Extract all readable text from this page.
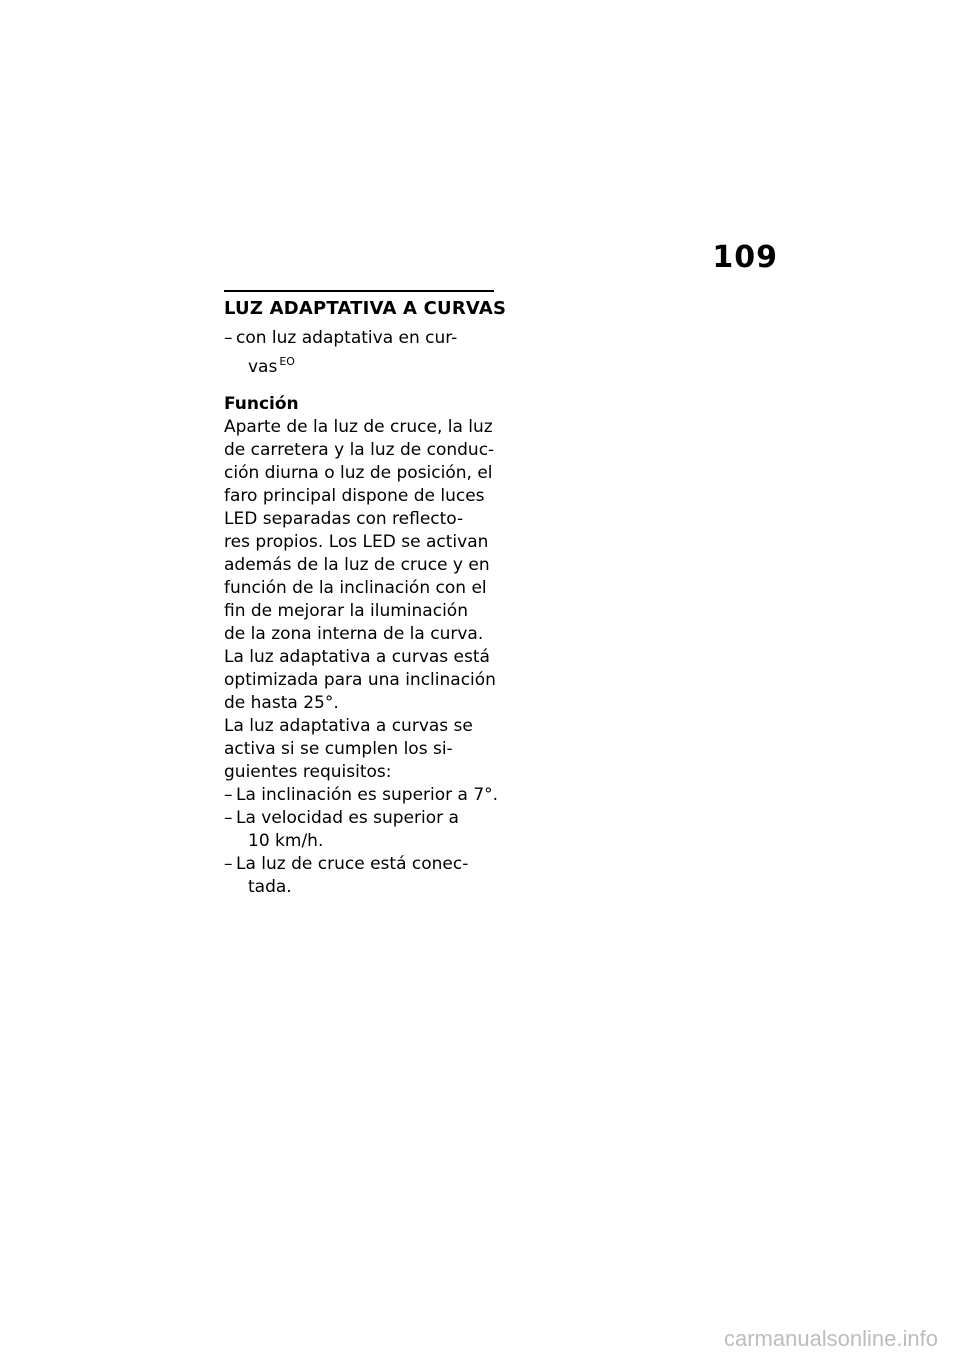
109
LUZ ADAPTATIVA A CURVAS
– con luz adaptativa en cur-
vas $^{EO}$
Función
Aparte de la luz de cruce, la luz
de carretera y la luz de conduc-
ción diurna o luz de posición, el
faro principal dispone de luces
LED separadas con reflecto-
res propios. Los LED se activan
además de la luz de cruce y en
función de la inclinación con el
fin de mejorar la iluminación
de la zona interna de la curva.
La luz adaptativa a curvas está
optimizada para una inclinación
de hasta 25°.
La luz adaptativa a curvas se
activa si se cumplen los si-
guientes requisitos:
– La inclinación es superior a 7°.
– La velocidad es superior a
10 km/h.
– La luz de cruce está conec-
tada.
carmanualsonline.info
